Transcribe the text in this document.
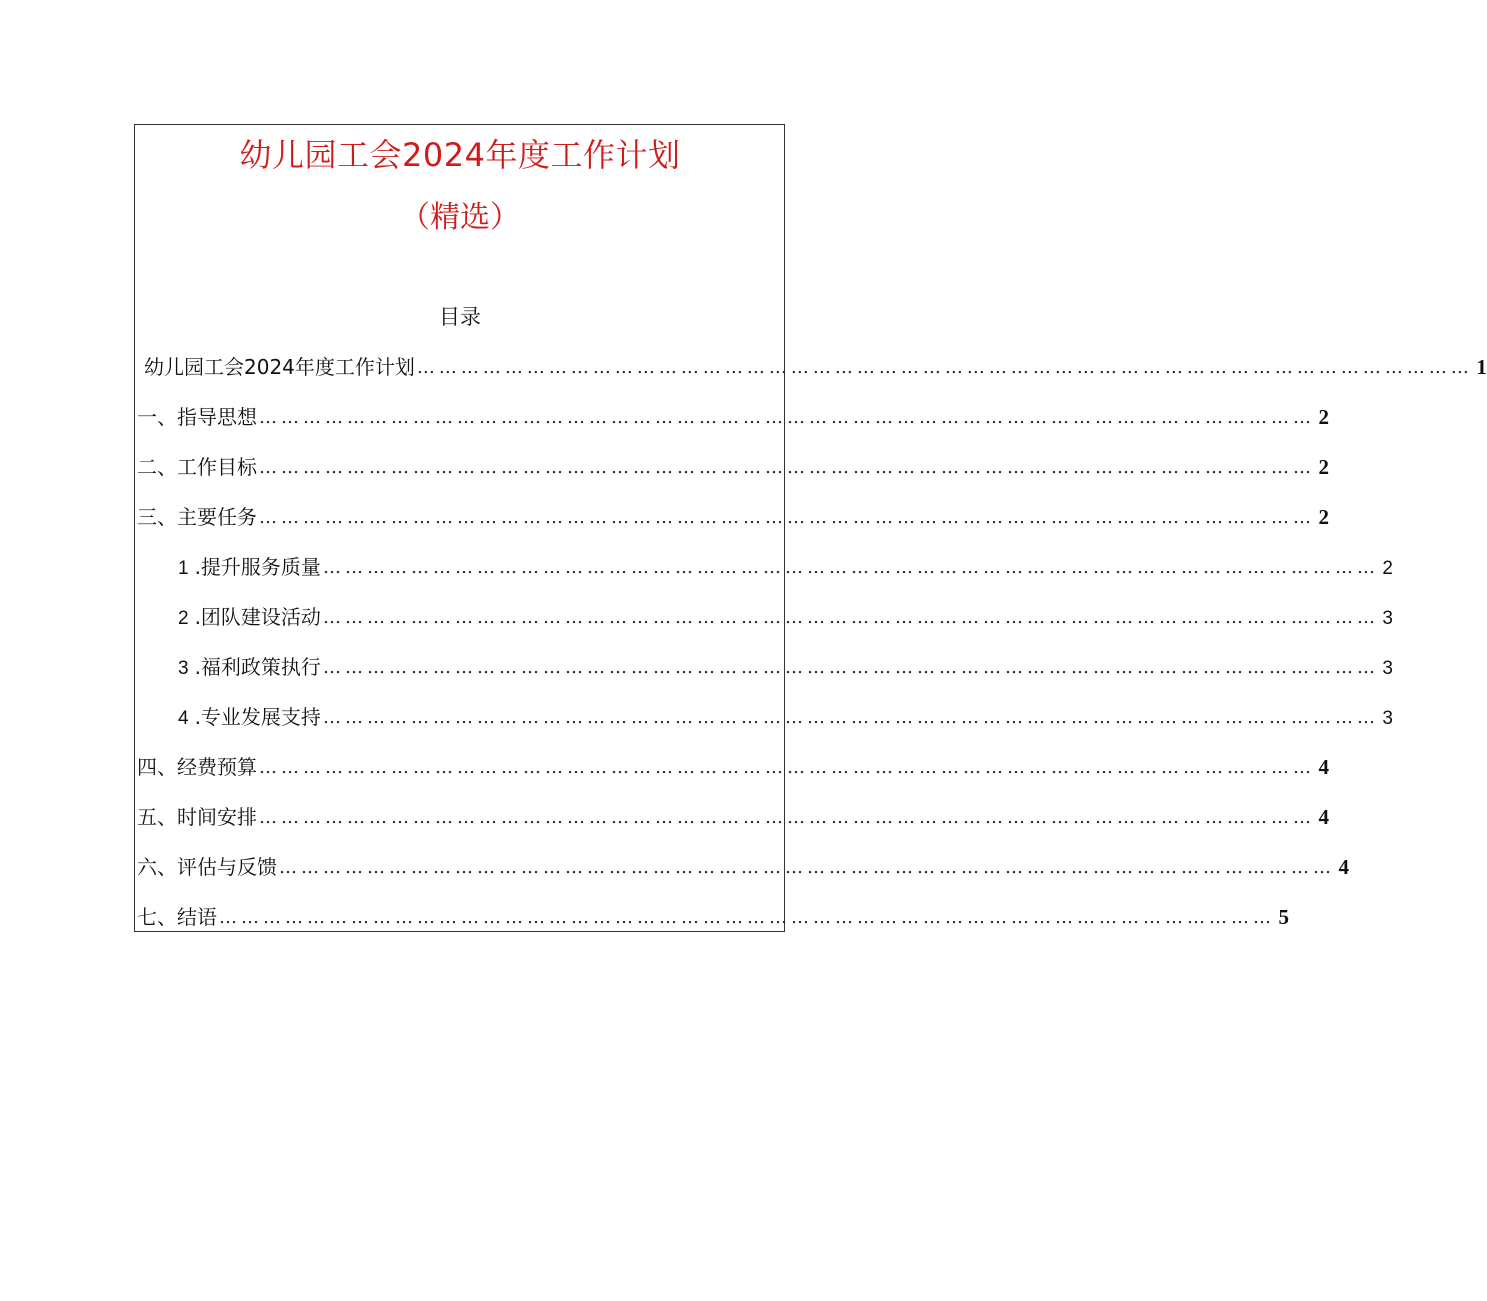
幼儿园工会2024年度工作计划
（精选）
目录
幼儿园工会2024年度工作计划 ……………………………………………………………………………………………………………………………… 1
一、指导思想 ……………………………………………………………………………………………………………………………… 2
二、工作目标 ……………………………………………………………………………………………………………………………… 2
三、主要任务 ……………………………………………………………………………………………………………………………… 2
1 .提升服务质量 ……………………………………………………………………………………………………………………………… 2
2 .团队建设活动 ……………………………………………………………………………………………………………………………… 3
3 .福利政策执行 ……………………………………………………………………………………………………………………………… 3
4 .专业发展支持 ……………………………………………………………………………………………………………………………… 3
四、经费预算 ……………………………………………………………………………………………………………………………… 4
五、时间安排 ……………………………………………………………………………………………………………………………… 4
六、评估与反馈 ……………………………………………………………………………………………………………………………… 4
七、结语 ……………………………………………………………………………………………………………………………… 5
